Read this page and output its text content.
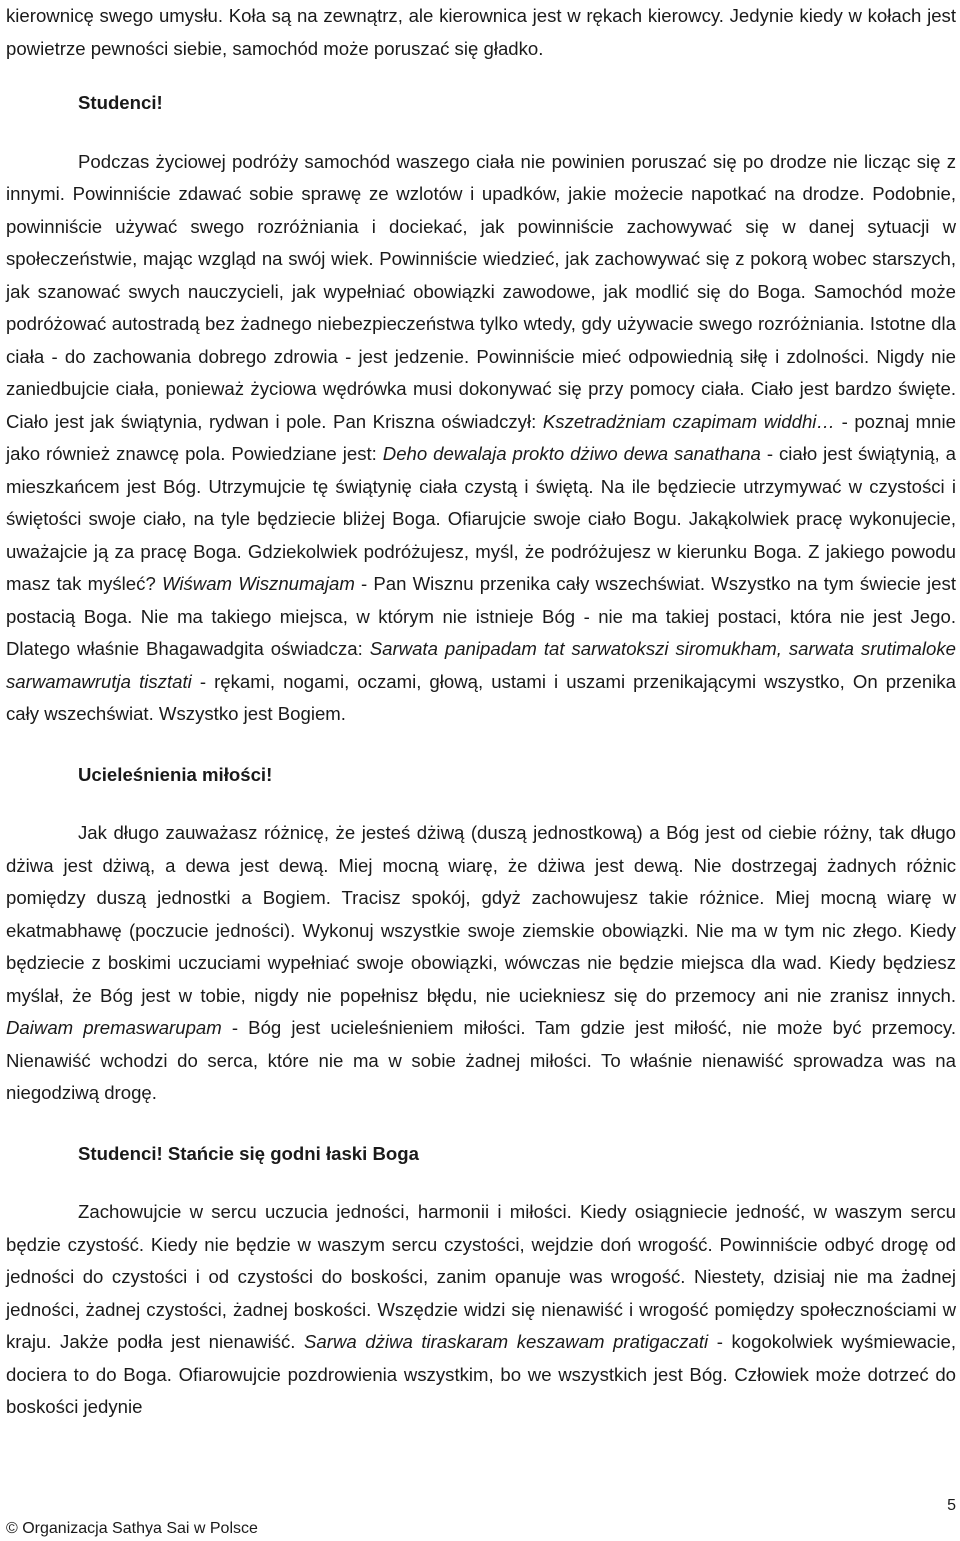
kierownicę swego umysłu. Koła są na zewnątrz, ale kierownica jest w rękach kierowcy. Jedynie kiedy w kołach jest powietrze pewności siebie, samochód może poruszać się gładko.

Studenci!

Podczas życiowej podróży samochód waszego ciała nie powinien poruszać się po drodze nie licząc się z innymi. Powinniście zdawać sobie sprawę ze wzlotów i upadków, jakie możecie napotkać na drodze. Podobnie, powinniście używać swego rozróżniania i dociekać, jak powinniście zachowywać się w danej sytuacji w społeczeństwie, mając wzgląd na swój wiek. Powinniście wiedzieć, jak zachowywać się z pokorą wobec starszych, jak szanować swych nauczycieli, jak wypełniać obowiązki zawodowe, jak modlić się do Boga. Samochód może podróżować autostradą bez żadnego niebezpieczeństwa tylko wtedy, gdy używacie swego rozróżniania. Istotne dla ciała - do zachowania dobrego zdrowia - jest jedzenie. Powinniście mieć odpowiednią siłę i zdolności. Nigdy nie zaniedbujcie ciała, ponieważ życiowa wędrówka musi dokonywać się przy pomocy ciała. Ciało jest bardzo święte. Ciało jest jak świątynia, rydwan i pole. Pan Kriszna oświadczył: Kszetradżniam czapimam widdhi… - poznaj mnie jako również znawcę pola. Powiedziane jest: Deho dewalaja prokto dżiwo dewa sanathana - ciało jest świątynią, a mieszkańcem jest Bóg. Utrzymujcie tę świątynię ciała czystą i świętą. Na ile będziecie utrzymywać w czystości i świętości swoje ciało, na tyle będziecie bliżej Boga. Ofiarujcie swoje ciało Bogu. Jakąkolwiek pracę wykonujecie, uważajcie ją za pracę Boga. Gdziekolwiek podróżujesz, myśl, że podróżujesz w kierunku Boga. Z jakiego powodu masz tak myśleć? Wiśwam Wisznumajam - Pan Wisznu przenika cały wszechświat. Wszystko na tym świecie jest postacią Boga. Nie ma takiego miejsca, w którym nie istnieje Bóg - nie ma takiej postaci, która nie jest Jego. Dlatego właśnie Bhagawadgita oświadcza: Sarwata panipadam tat sarwatokszi siromukham, sarwata srutimaloke sarwamawrutja tisztati - rękami, nogami, oczami, głową, ustami i uszami przenikającymi wszystko, On przenika cały wszechświat. Wszystko jest Bogiem.

Ucieleśnienia miłości!

Jak długo zauważasz różnicę, że jesteś dżiwą (duszą jednostkową) a Bóg jest od ciebie różny, tak długo dżiwa jest dżiwą, a dewa jest dewą. Miej mocną wiarę, że dżiwa jest dewą. Nie dostrzegaj żadnych różnic pomiędzy duszą jednostki a Bogiem. Tracisz spokój, gdyż zachowujesz takie różnice. Miej mocną wiarę w ekatmabhawę (poczucie jedności). Wykonuj wszystkie swoje ziemskie obowiązki. Nie ma w tym nic złego. Kiedy będziecie z boskimi uczuciami wypełniać swoje obowiązki, wówczas nie będzie miejsca dla wad. Kiedy będziesz myślał, że Bóg jest w tobie, nigdy nie popełnisz błędu, nie uciekniesz się do przemocy ani nie zranisz innych. Daiwam premaswarupam - Bóg jest ucieleśnieniem miłości. Tam gdzie jest miłość, nie może być przemocy. Nienawiść wchodzi do serca, które nie ma w sobie żadnej miłości. To właśnie nienawiść sprowadza was na niegodziwą drogę.

Studenci! Stańcie się godni łaski Boga

Zachowujcie w sercu uczucia jedności, harmonii i miłości. Kiedy osiągniecie jedność, w waszym sercu będzie czystość. Kiedy nie będzie w waszym sercu czystości, wejdzie doń wrogość. Powinniście odbyć drogę od jedności do czystości i od czystości do boskości, zanim opanuje was wrogość. Niestety, dzisiaj nie ma żadnej jedności, żadnej czystości, żadnej boskości. Wszędzie widzi się nienawiść i wrogość pomiędzy społecznościami w kraju. Jakże podła jest nienawiść. Sarwa dżiwa tiraskaram keszawam pratigaczati - kogokolwiek wyśmiewacie, dociera to do Boga. Ofiarowujcie pozdrowienia wszystkim, bo we wszystkich jest Bóg. Człowiek może dotrzeć do boskości jedynie

5
© Organizacja Sathya Sai w Polsce
